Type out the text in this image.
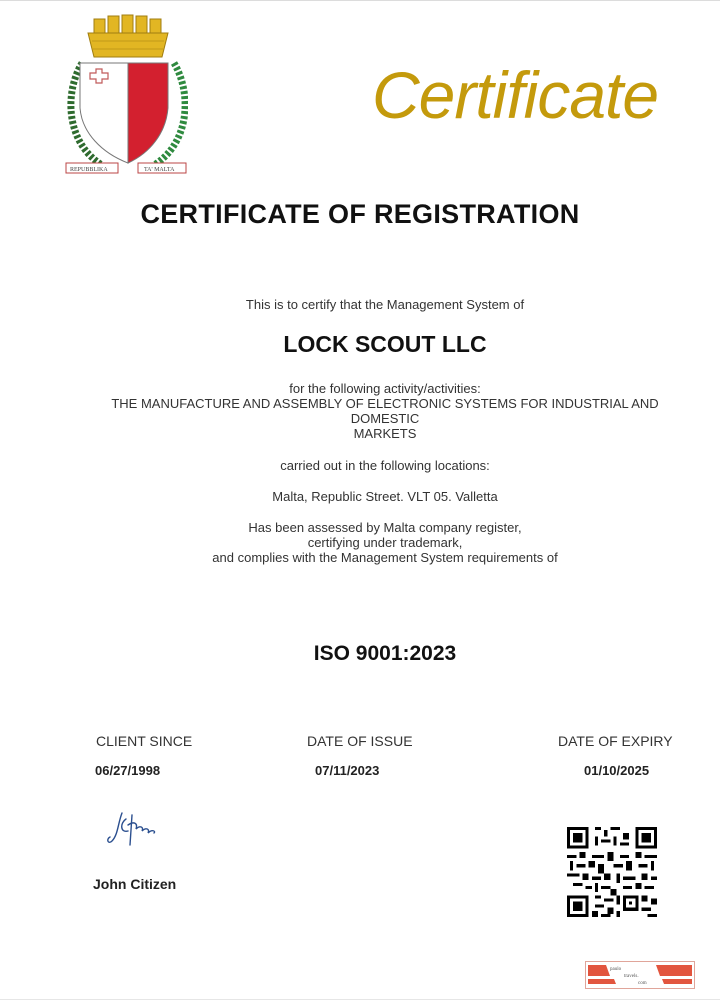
REPUBBLIKA	TA' MALTA
Certificate
CERTIFICATE OF REGISTRATION
This is to certify that the Management System of
LOCK SCOUT LLC
for the following activity/activities:
THE MANUFACTURE AND ASSEMBLY OF ELECTRONIC SYSTEMS FOR INDUSTRIAL AND
DOMESTIC
MARKETS
carried out in the following locations:
Malta, Republic Street. VLT 05. Valletta
Has been assessed by Malta company register,
certifying under trademark,
and complies with the Management System requirements of
ISO 9001:2023
CLIENT SINCE	DATE OF ISSUE	DATE OF EXPIRY
06/27/1998	07/11/2023	01/10/2025
John Citizen
paulo
travels.
com
